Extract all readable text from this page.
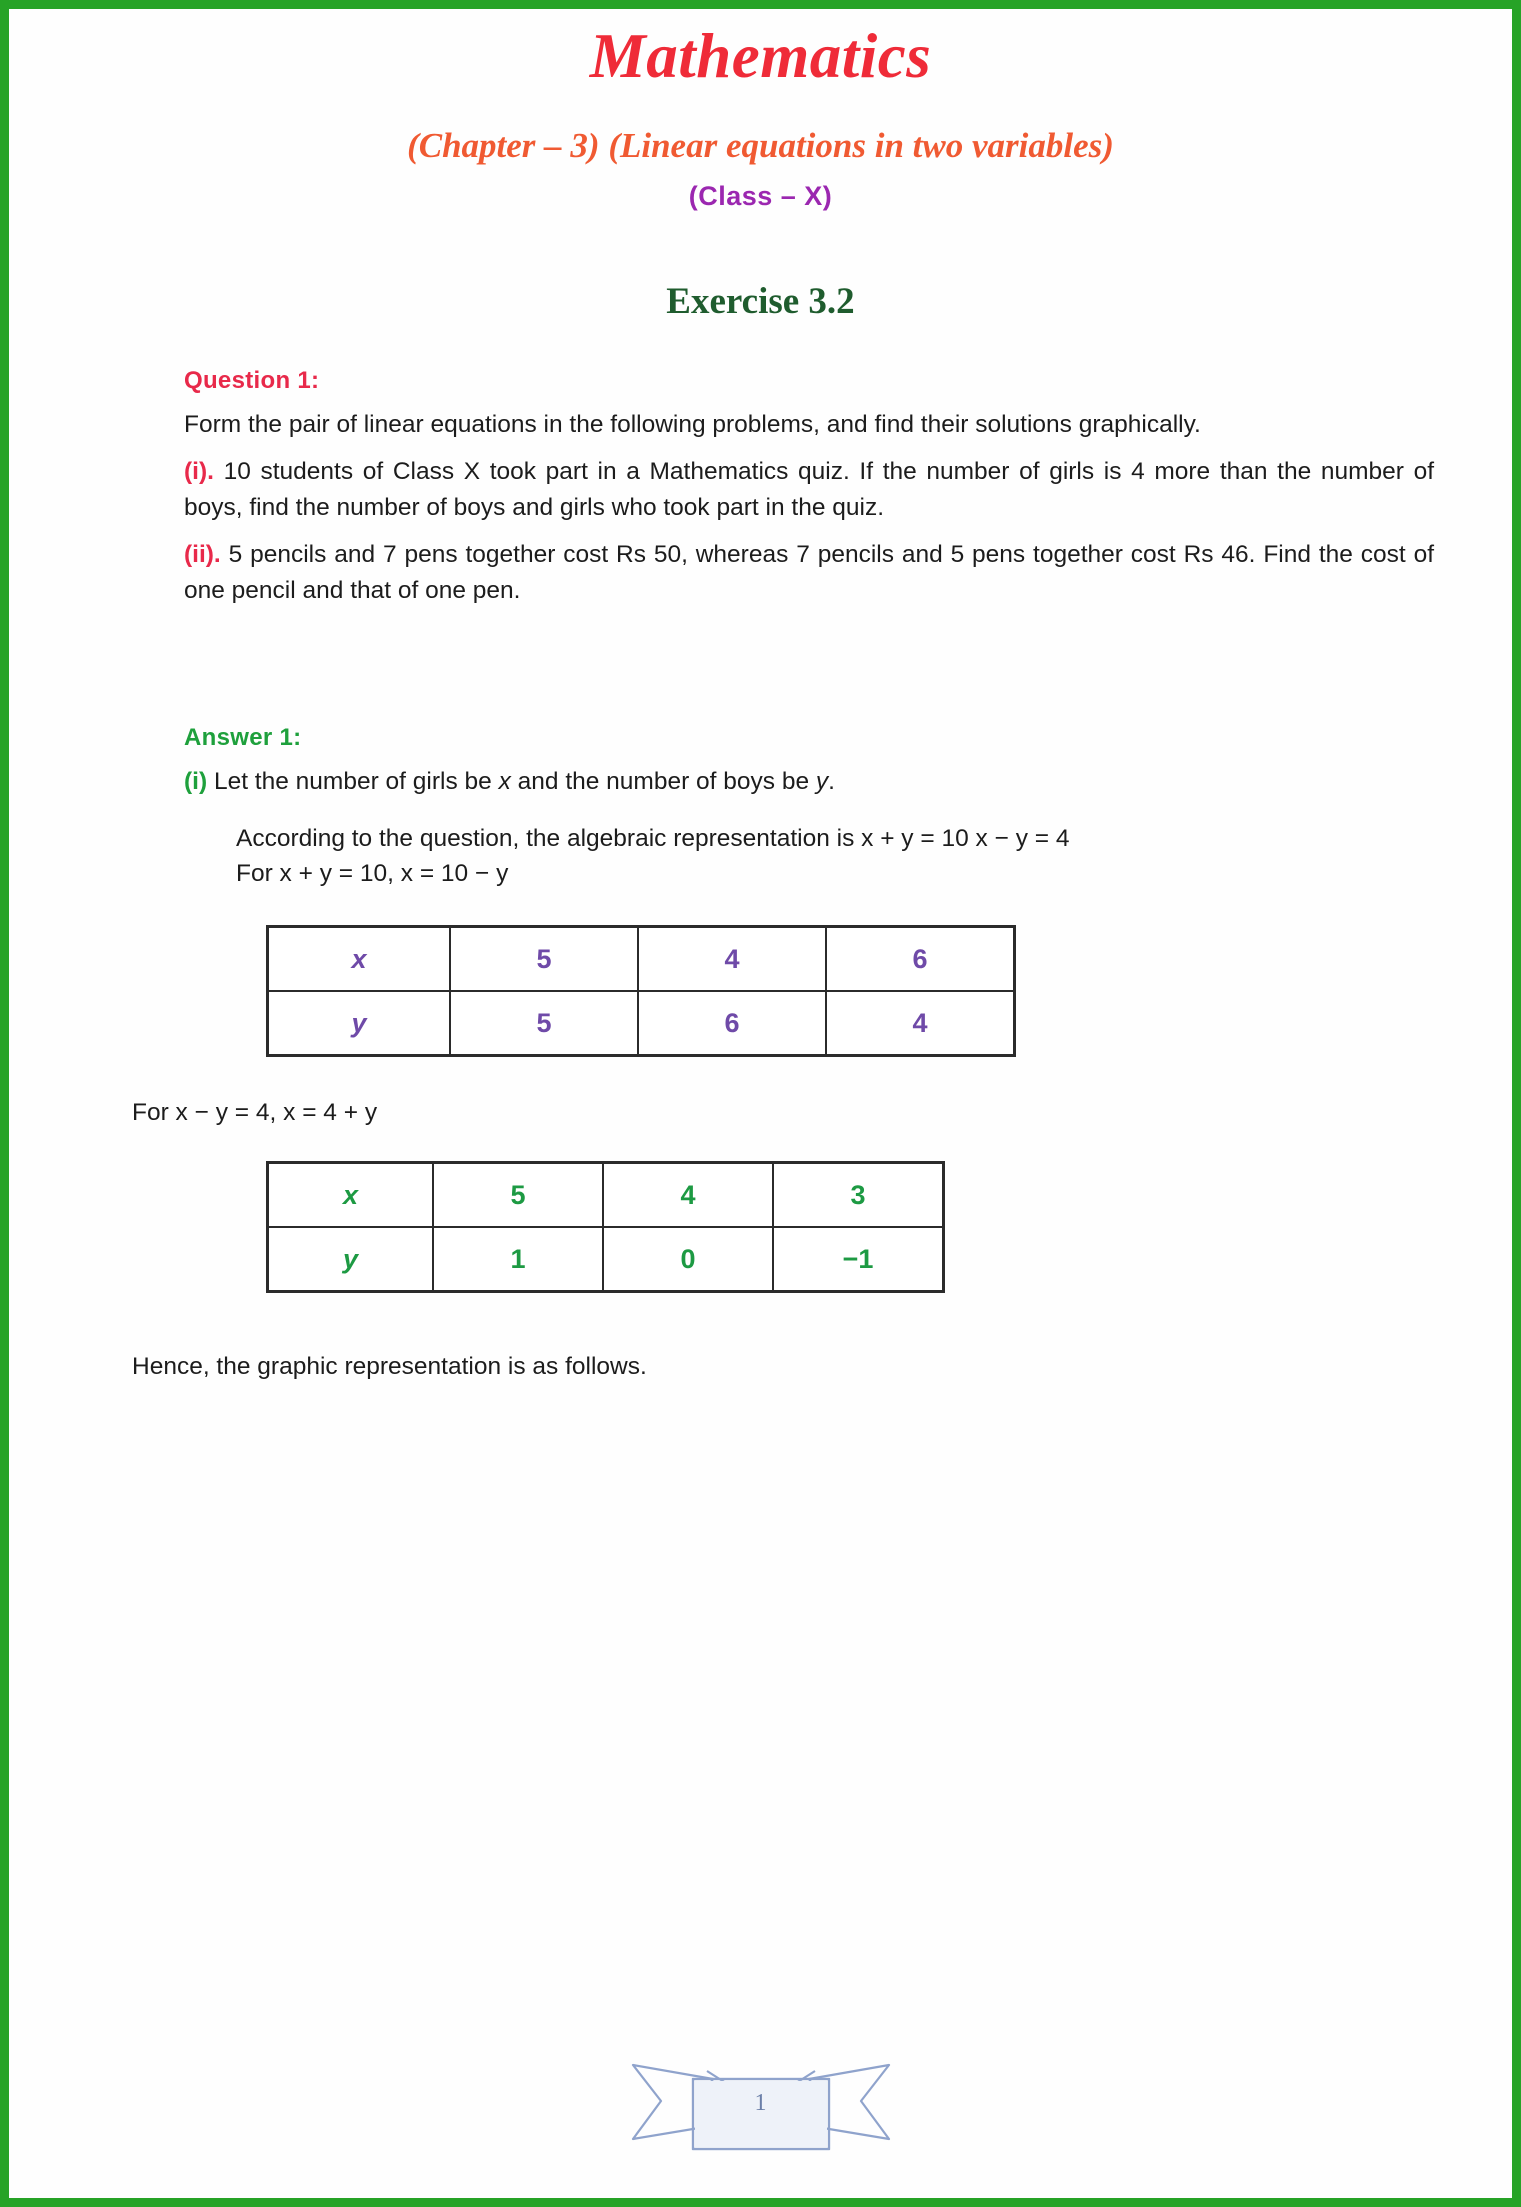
Mathematics
(Chapter – 3) (Linear equations in two variables)
(Class – X)
Exercise 3.2
Question 1:

Form the pair of linear equations in the following problems, and find their solutions graphically.

(i). 10 students of Class X took part in a Mathematics quiz. If the number of girls is 4 more than the number of boys, find the number of boys and girls who took part in the quiz.

(ii). 5 pencils and 7 pens together cost Rs 50, whereas 7 pencils and 5 pens together cost Rs 46. Find the cost of one pencil and that of one pen.

Answer 1:

(i) Let the number of girls be x and the number of boys be y.

According to the question, the algebraic representation is x + y = 10 x − y = 4
For x + y = 10, x = 10 − y
x	5	4	6
y	5	6	4

For x − y = 4, x = 4 + y

x	5	4	3
y	1	0	−1

Hence, the graphic representation is as follows.

1
